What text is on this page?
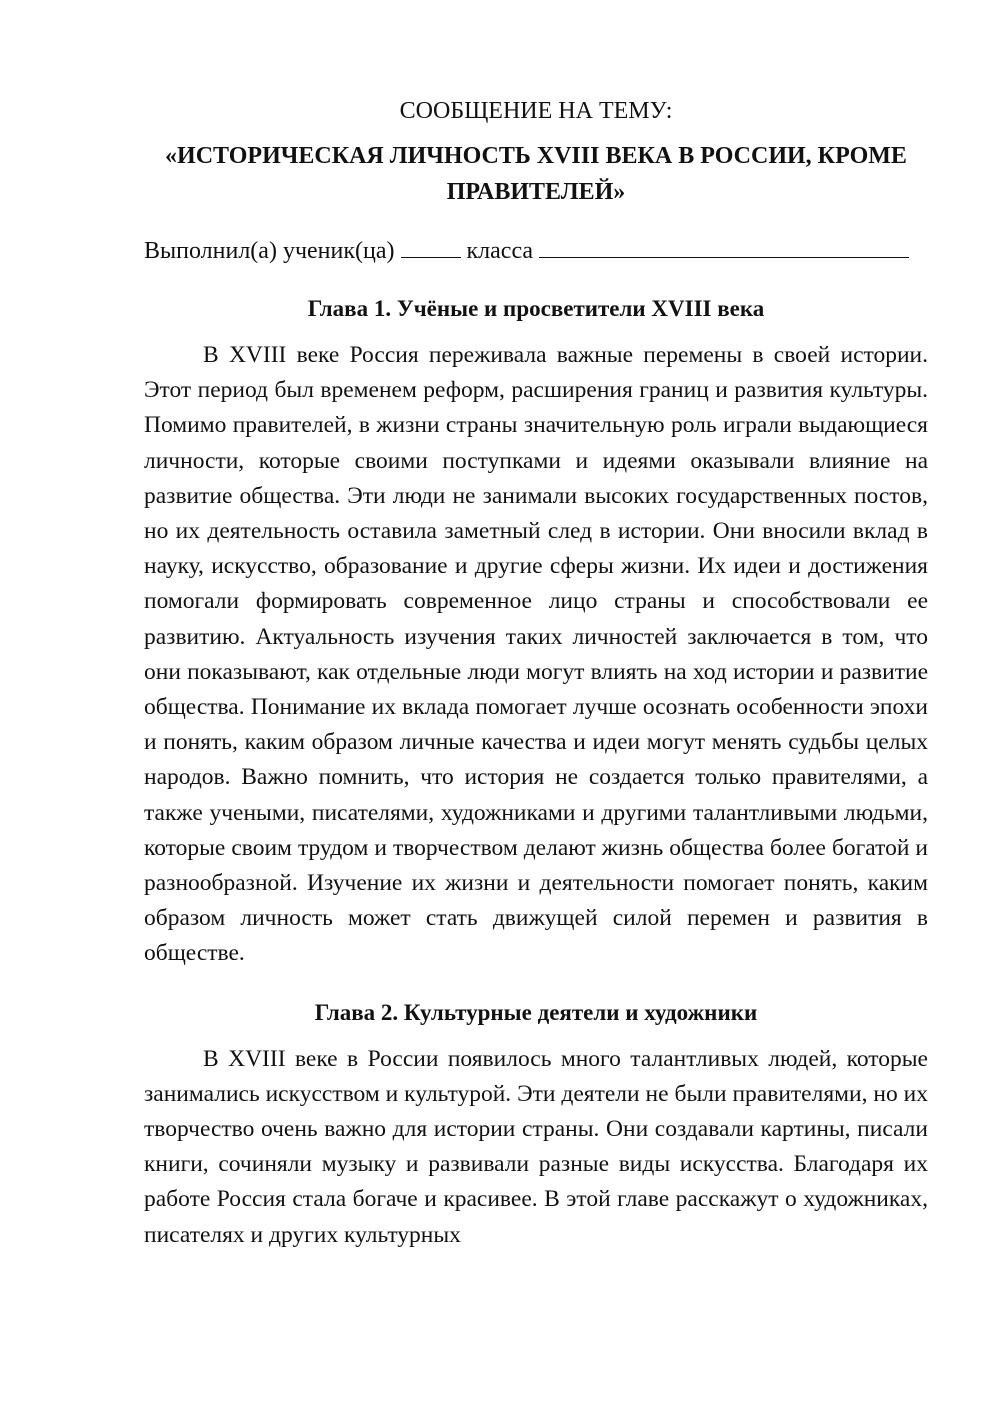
СООБЩЕНИЕ НА ТЕМУ:
«ИСТОРИЧЕСКАЯ ЛИЧНОСТЬ XVIII ВЕКА В РОССИИ, КРОМЕ ПРАВИТЕЛЕЙ»
Выполнил(а) ученик(ца)	класса
Глава 1. Учёные и просветители XVIII века

В XVIII веке Россия переживала важные перемены в своей истории. Этот период был временем реформ, расширения границ и развития культуры. Помимо правителей, в жизни страны значительную роль играли выдающиеся личности, которые своими поступками и идеями оказывали влияние на развитие общества. Эти люди не занимали высоких государственных постов, но их деятельность оставила заметный след в истории. Они вносили вклад в науку, искусство, образование и другие сферы жизни. Их идеи и достижения помогали формировать современное лицо страны и способствовали ее развитию. Актуальность изучения таких личностей заключается в том, что они показывают, как отдельные люди могут влиять на ход истории и развитие общества. Понимание их вклада помогает лучше осознать особенности эпохи и понять, каким образом личные качества и идеи могут менять судьбы целых народов. Важно помнить, что история не создается только правителями, а также учеными, писателями, художниками и другими талантливыми людьми, которые своим трудом и творчеством делают жизнь общества более богатой и разнообразной. Изучение их жизни и деятельности помогает понять, каким образом личность может стать движущей силой перемен и развития в обществе.

Глава 2. Культурные деятели и художники

В XVIII веке в России появилось много талантливых людей, которые занимались искусством и культурой. Эти деятели не были правителями, но их творчество очень важно для истории страны. Они создавали картины, писали книги, сочиняли музыку и развивали разные виды искусства. Благодаря их работе Россия стала богаче и красивее. В этой главе расскажут о художниках, писателях и других культурных
